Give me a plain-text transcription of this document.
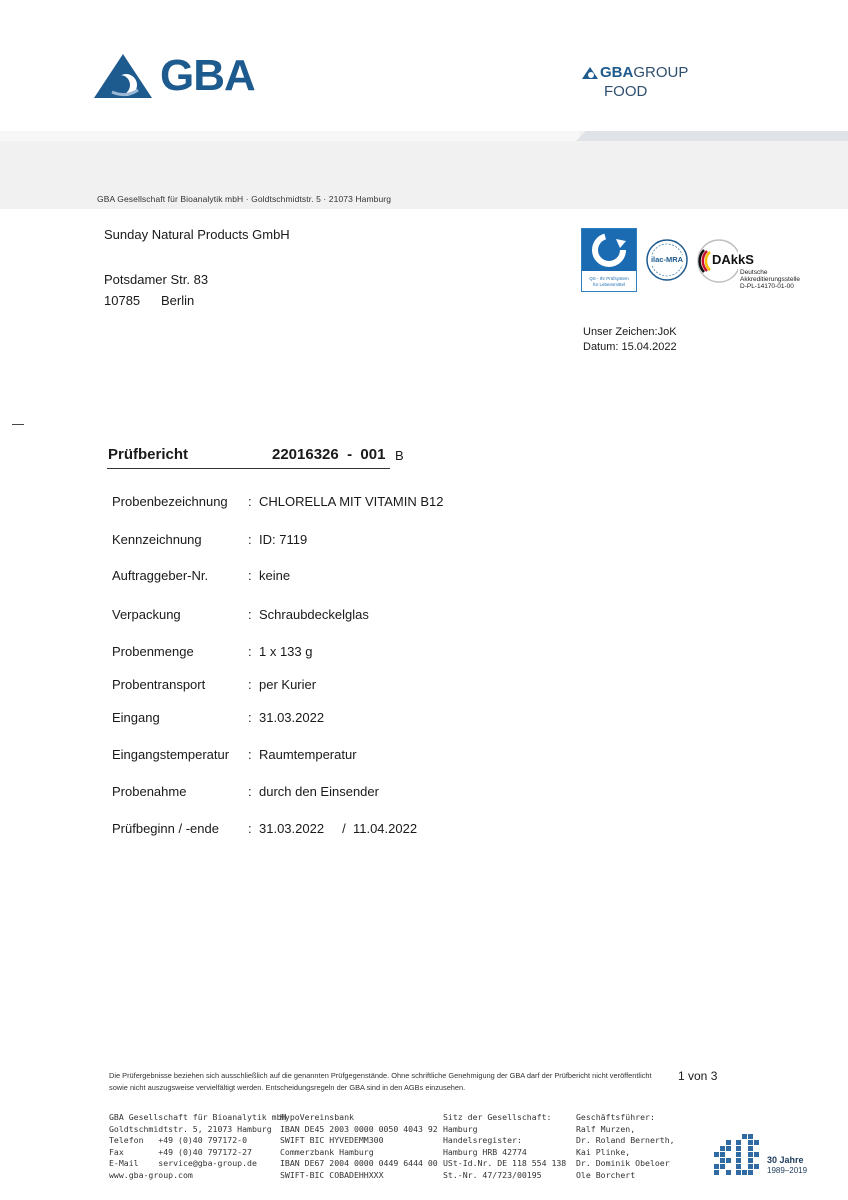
GBA	GBA GROUP
FOOD
GBA Gesellschaft für Bioanalytik mbH · Goldtschmidtstr. 5 · 21073 Hamburg
Sunday Natural Products GmbH
Potsdamer Str. 83
10785 Berlin
QS - Ihr Prüfsystem
für Lebensmittel
ilac-MRA	DAkkS
Deutsche
Akkreditierungsstelle
D-PL-14170-01-00
Unser Zeichen:JoK
Datum: 15.04.2022
Prüfbericht	22016326  -  001 B
Probenbezeichnung : CHLORELLA MIT VITAMIN B12
Kennzeichnung	: ID: 7119
Auftraggeber-Nr.	: keine
Verpackung	: Schraubdeckelglas
Probenmenge	: 1 x 133 g
Probentransport	: per Kurier
Eingang	: 31.03.2022
Eingangstemperatur : Raumtemperatur
Probenahme	: durch den Einsender
Prüfbeginn / -ende : 31.03.2022     /  11.04.2022
Die Prüfergebnisse beziehen sich ausschließlich auf die genannten Prüfgegenstände. Ohne schriftliche Genehmigung der GBA darf der Prüfbericht nicht veröffentlicht sowie nicht auszugsweise vervielfältigt werden. Entscheidungsregeln der GBA sind in den AGBs einzusehen.
1 von 3
GBA Gesellschaft für Bioanalytik mbH
Goldtschmidtstr. 5, 21073 Hamburg
Telefon   +49 (0)40 797172-0
Fax       +49 (0)40 797172-27
E-Mail    service@gba-group.de
www.gba-group.com
HypoVereinsbank
IBAN DE45 2003 0000 0050 4043 92
SWIFT BIC HYVEDEMM300
Commerzbank Hamburg
IBAN DE67 2004 0000 0449 6444 00
SWIFT-BIC COBADEHHXXX
Sitz der Gesellschaft:
Hamburg
Handelsregister:
Hamburg HRB 42774
USt-Id.Nr. DE 118 554 138
St.-Nr. 47/723/00195
Geschäftsführer:
Ralf Murzen,
Dr. Roland Bernerth,
Kai Plinke,
Dr. Dominik Obeloer
Ole Borchert
30 Jahre
1989–2019
